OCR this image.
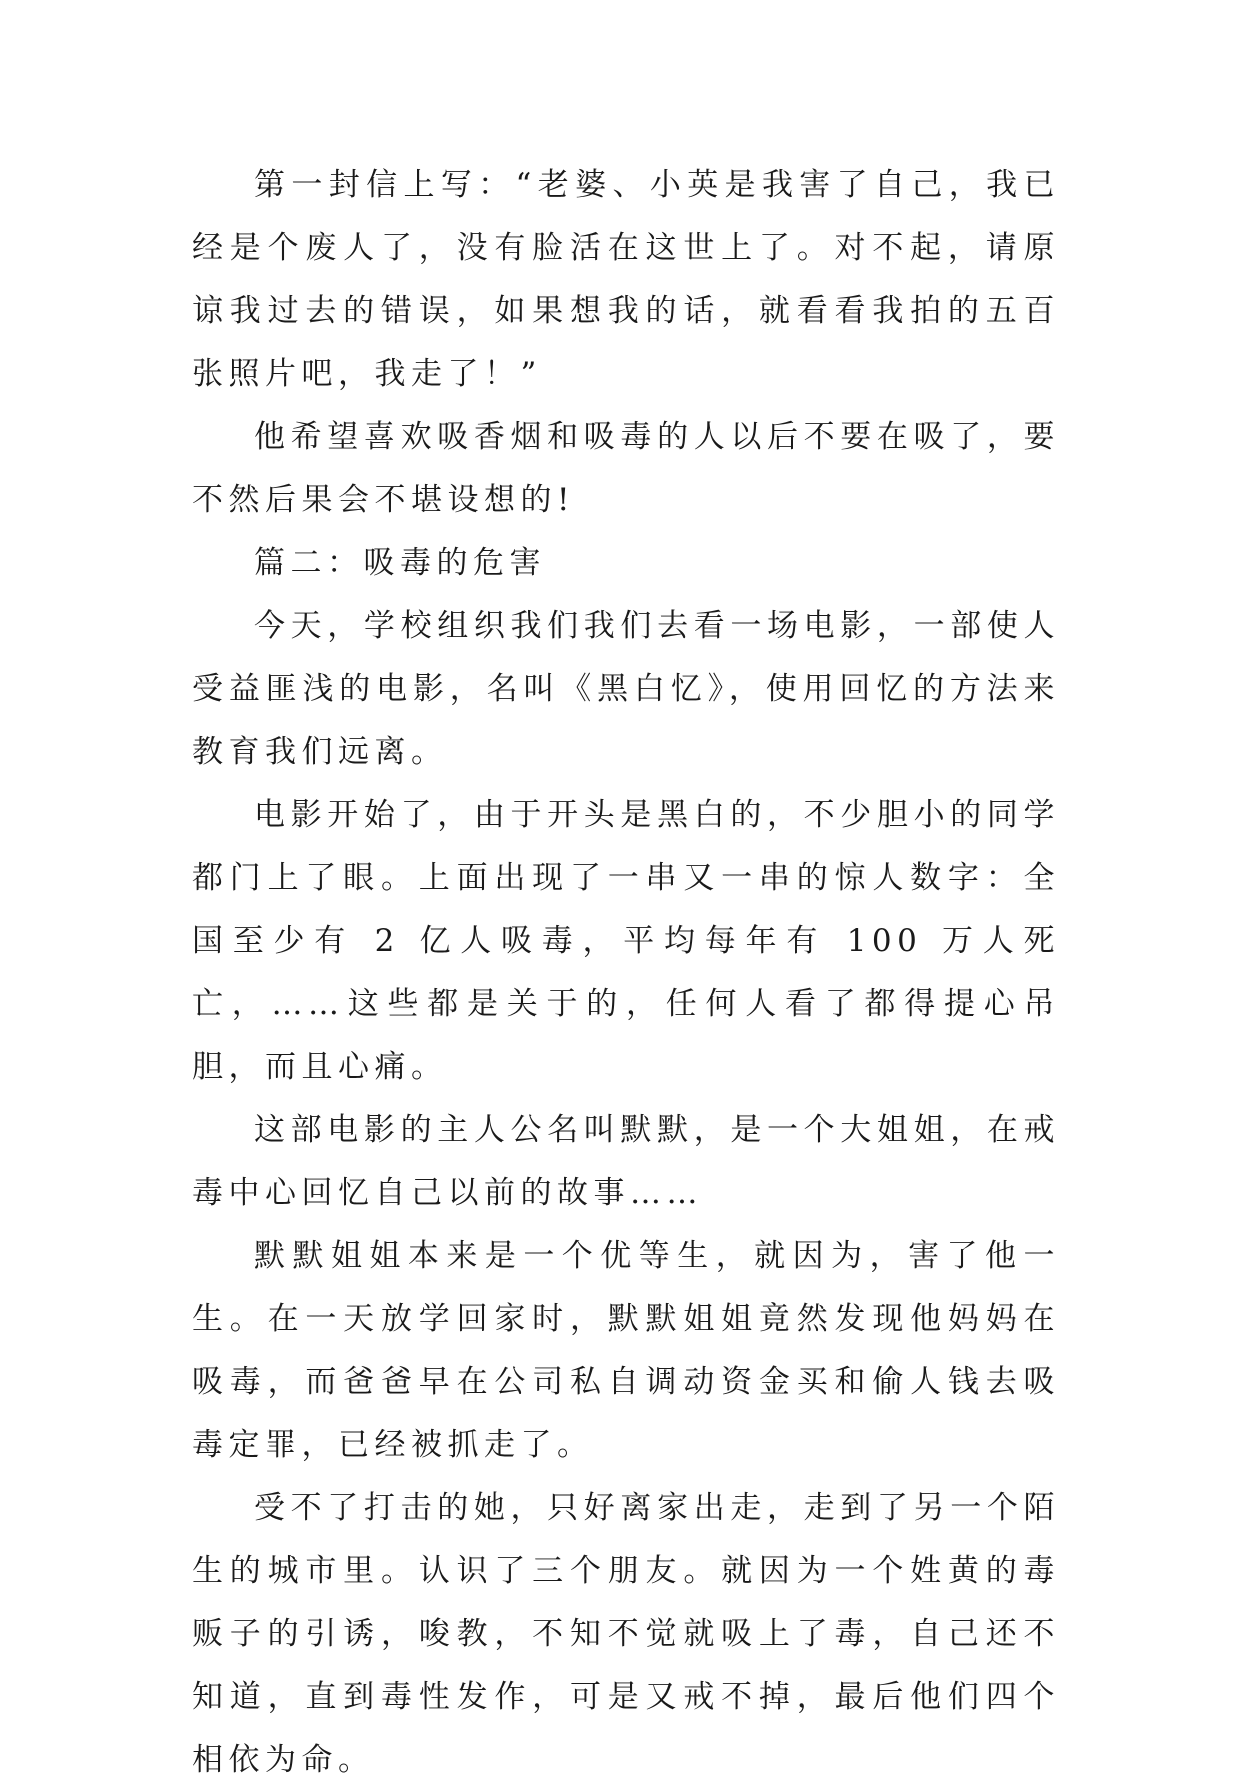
第一封信上写：“老婆、小英是我害了自己，我已经是个废人了，没有脸活在这世上了。对不起，请原谅我过去的错误，如果想我的话，就看看我拍的五百张照片吧，我走了！”

他希望喜欢吸香烟和吸毒的人以后不要在吸了，要不然后果会不堪设想的!

篇二：吸毒的危害

今天，学校组织我们我们去看一场电影，一部使人受益匪浅的电影，名叫《黑白忆》，使用回忆的方法来教育我们远离。

电影开始了，由于开头是黑白的，不少胆小的同学都门上了眼。上面出现了一串又一串的惊人数字：全国至少有 2 亿人吸毒，平均每年有 100 万人死亡，……这些都是关于的，任何人看了都得提心吊胆，而且心痛。

这部电影的主人公名叫默默，是一个大姐姐，在戒毒中心回忆自己以前的故事……

默默姐姐本来是一个优等生，就因为，害了他一生。在一天放学回家时，默默姐姐竟然发现他妈妈在吸毒，而爸爸早在公司私自调动资金买和偷人钱去吸毒定罪，已经被抓走了。

受不了打击的她，只好离家出走，走到了另一个陌生的城市里。认识了三个朋友。就因为一个姓黄的毒贩子的引诱，唆教，不知不觉就吸上了毒，自己还不知道，直到毒性发作，可是又戒不掉，最后他们四个相依为命。
